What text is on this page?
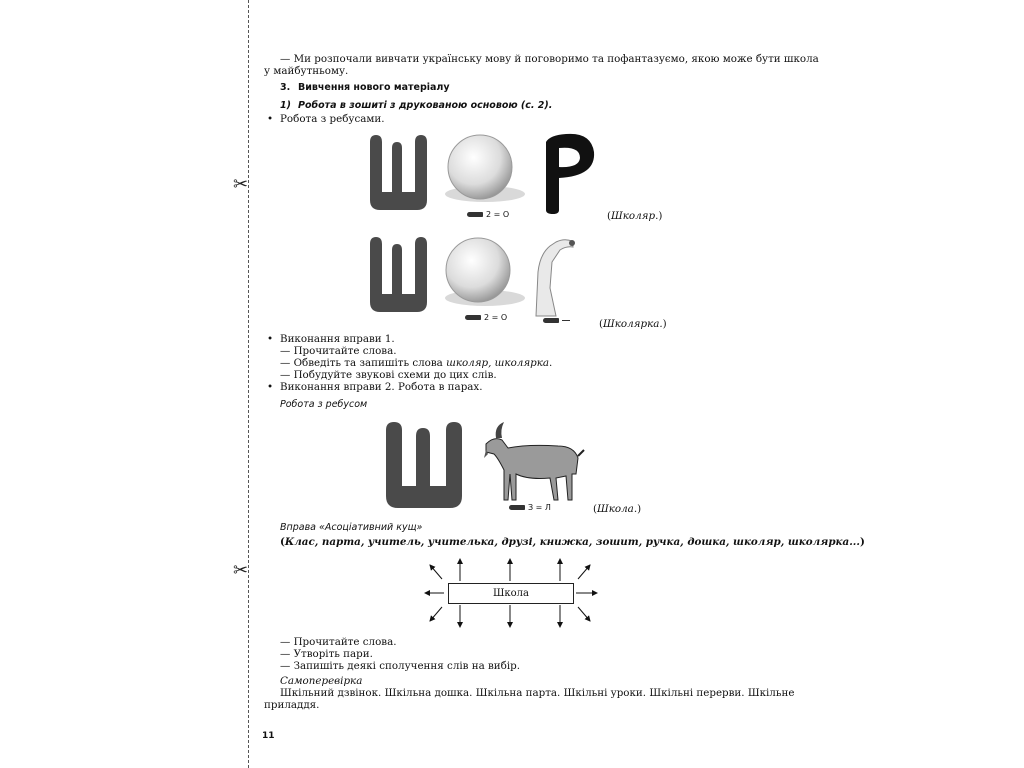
✂
✂
— Ми розпочали вивчати українську мову й поговоримо та пофантазуємо, якою може бути школа
у майбутньому.
3. Вивчення нового матеріалу
1) Робота в зошиті з друкованою основою (с. 2).
• Робота з ребусами.
2 = О	(Школяр.)
2 = О
(Школярка.)
• Виконання вправи 1.
— Прочитайте слова.
— Обведіть та запишіть слова школяр, школярка.
— Побудуйте звукові схеми до цих слів.
• Виконання вправи 2. Робота в парах.
Робота з ребусом
З = Л	(Школа.)
Вправа «Асоціативний кущ»
(Клас, парта, учитель, учителька, друзі, книжка, зошит, ручка, дошка, школяр, школярка...)
Школа
— Прочитайте слова.
— Утворіть пари.
— Запишіть деякі сполучення слів на вибір.
Самоперевірка
Шкільний дзвінок. Шкільна дошка. Шкільна парта. Шкільні уроки. Шкільні перерви. Шкільне
приладдя.
11
